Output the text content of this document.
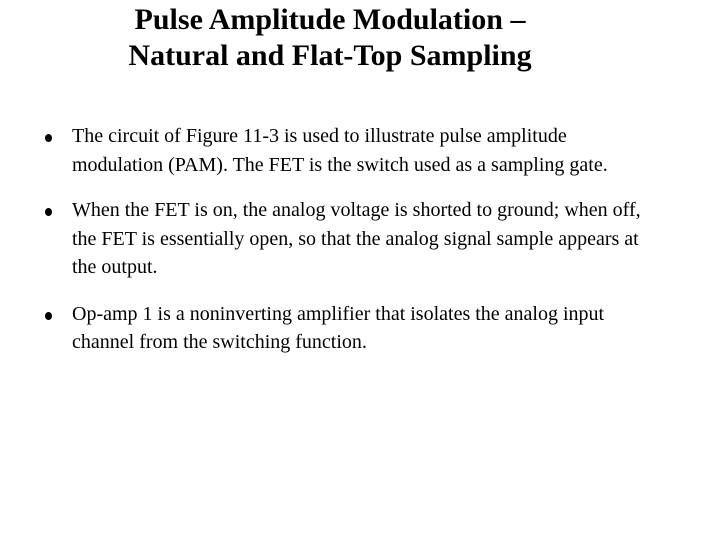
Pulse Amplitude Modulation –
Natural and Flat-Top Sampling
The circuit of Figure 11-3 is used to illustrate pulse amplitude modulation (PAM). The FET is the switch used as a sampling gate.
When the FET is on, the analog voltage is shorted to ground; when off, the FET is essentially open, so that the analog signal sample appears at the output.
Op-amp 1 is a noninverting amplifier that isolates the analog input channel from the switching function.
